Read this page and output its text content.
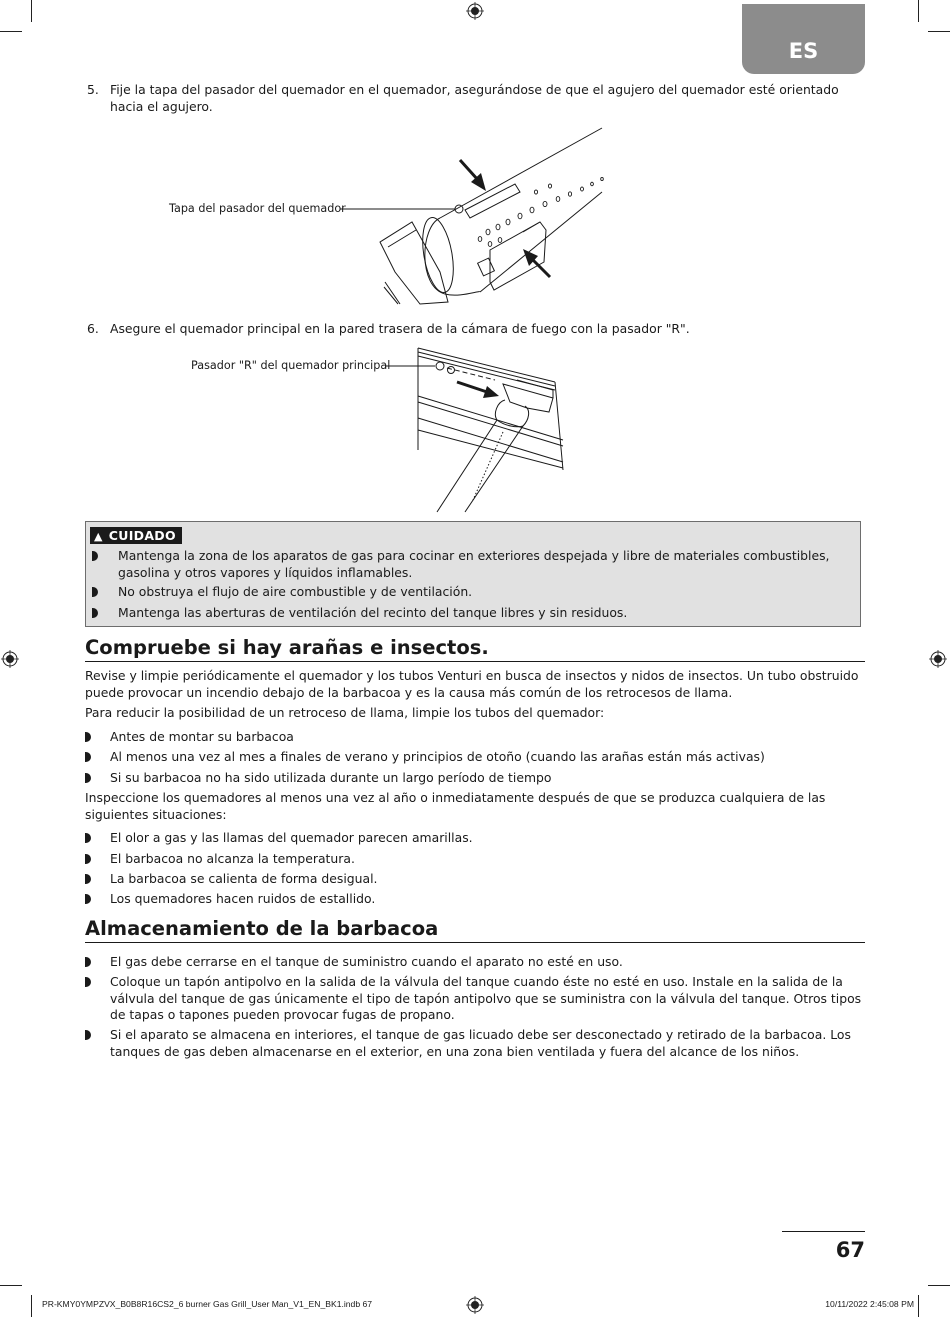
ES
5. Fije la tapa del pasador del quemador en el quemador, asegurándose de que el agujero del quemador esté orientado hacia el agujero.
Tapa del pasador del quemador
6. Asegure el quemador principal en la pared trasera de la cámara de fuego con la pasador "R".
Pasador "R" del quemador principal
▲ CUIDADO
Mantenga la zona de los aparatos de gas para cocinar en exteriores despejada y libre de materiales combustibles, gasolina y otros vapores y líquidos inflamables.
No obstruya el flujo de aire combustible y de ventilación.
Mantenga las aberturas de ventilación del recinto del tanque libres y sin residuos.
Compruebe si hay arañas e insectos.
Revise y limpie periódicamente el quemador y los tubos Venturi en busca de insectos y nidos de insectos. Un tubo obstruido puede provocar un incendio debajo de la barbacoa y es la causa más común de los retrocesos de llama.
Para reducir la posibilidad de un retroceso de llama, limpie los tubos del quemador:
Antes de montar su barbacoa
Al menos una vez al mes a finales de verano y principios de otoño (cuando las arañas están más activas)
Si su barbacoa no ha sido utilizada durante un largo período de tiempo
Inspeccione los quemadores al menos una vez al año o inmediatamente después de que se produzca cualquiera de las siguientes situaciones:
El olor a gas y las llamas del quemador parecen amarillas.
El barbacoa no alcanza la temperatura.
La barbacoa se calienta de forma desigual.
Los quemadores hacen ruidos de estallido.
Almacenamiento de la barbacoa
El gas debe cerrarse en el tanque de suministro cuando el aparato no esté en uso.
Coloque un tapón antipolvo en la salida de la válvula del tanque cuando éste no esté en uso. Instale en la salida de la válvula del tanque de gas únicamente el tipo de tapón antipolvo que se suministra con la válvula del tanque. Otros tipos de tapas o tapones pueden provocar fugas de propano.
Si el aparato se almacena en interiores, el tanque de gas licuado debe ser desconectado y retirado de la barbacoa. Los tanques de gas deben almacenarse en el exterior, en una zona bien ventilada y fuera del alcance de los niños.
67
PR-KMY0YMPZVX_B0B8R16CS2_6 burner Gas Grill_User Man_V1_EN_BK1.indb 67	10/11/2022 2:45:08 PM
